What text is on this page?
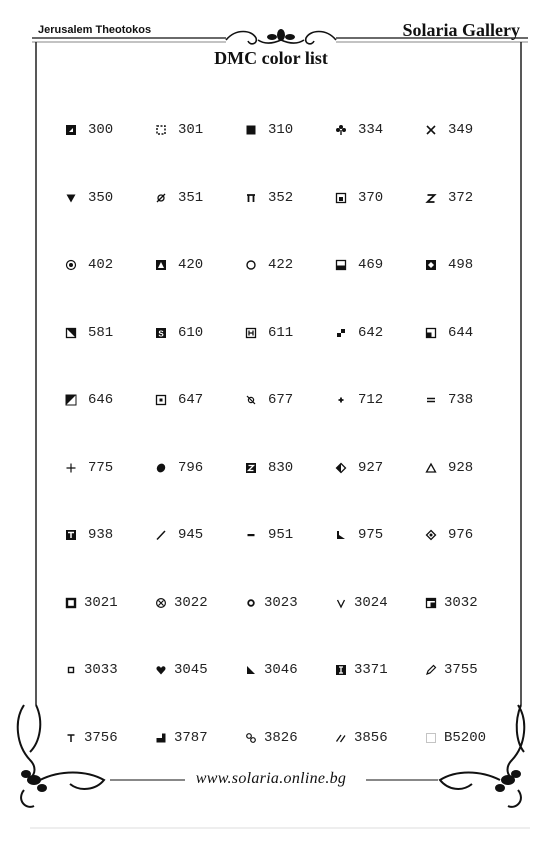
Jerusalem Theotokos	Solaria Gallery
DMC color list
300	301	310	334	349
350	351	352	370	372
402	420	422	469	498
581	S 610	611	642	644
646	647	677	712	738
775	796	830	927	928
938	945	951	975	976
3021	3022	3023	3024	3032
3033	3045	3046	3371	3755
3756	3787	3826	3856	B5200
www.solaria.online.bg
